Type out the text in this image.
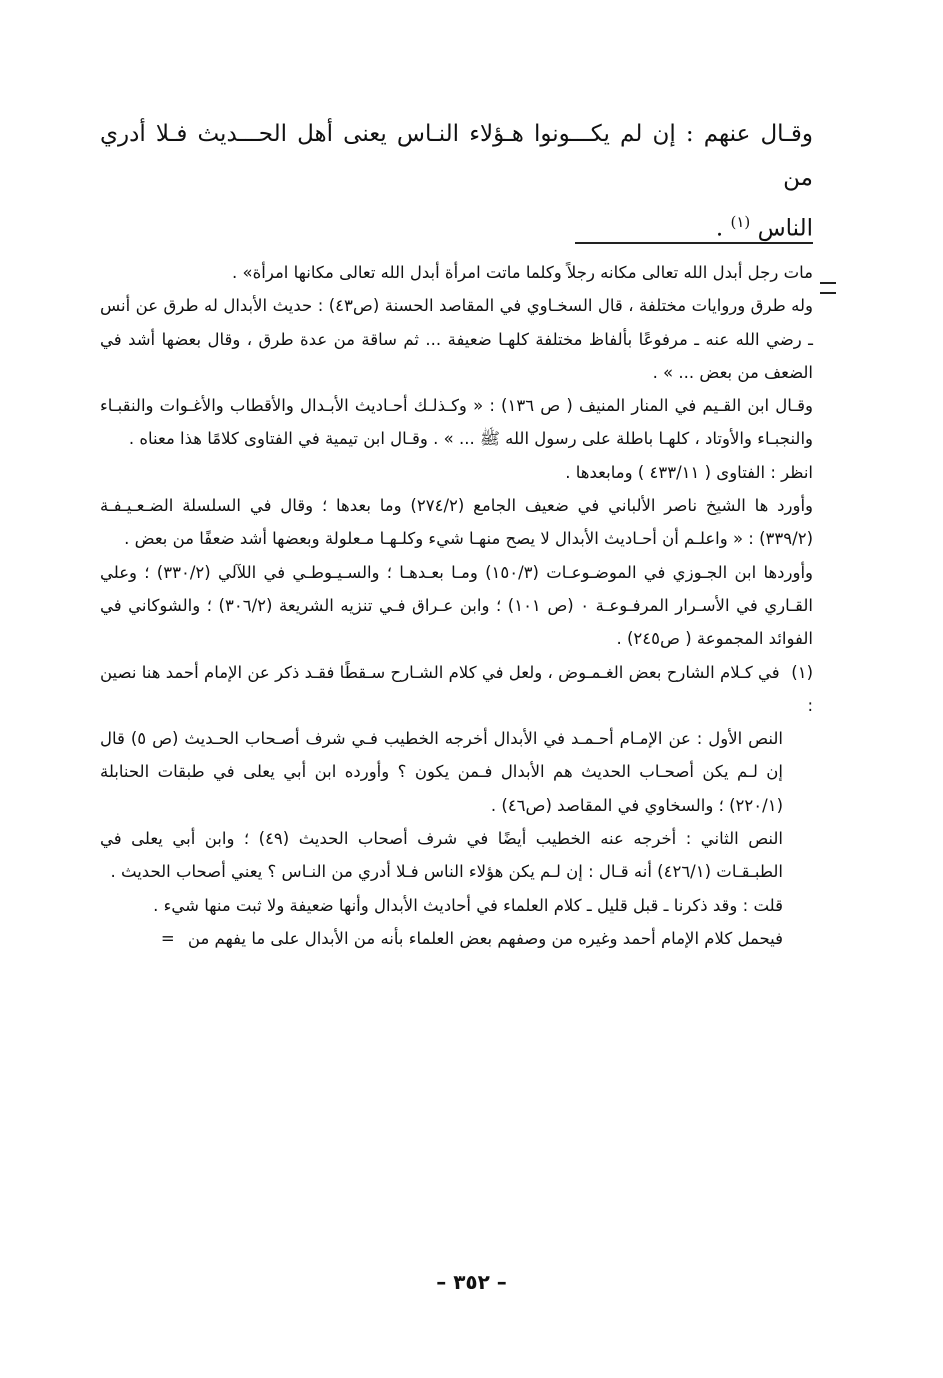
وقـال عنهم : إن لم يكـــونوا هـؤلاء النـاس يعنى أهل الحـــديث فـلا أدري من

الناس $^{(١)}$ .

مات رجل أبدل الله تعالى مكانه رجلاً وكلما ماتت امرأة أبدل الله تعالى مكانها امرأة» .

وله طرق وروايات مختلفة ، قال السخـاوي في المقاصد الحسنة (ص٤٣) : حديث الأبدال له طرق عن أنس ـ رضي الله عنه ـ مرفوعًا بألفاظ مختلفة كلهـا ضعيفة ... ثم ساقة من عدة طرق ، وقال بعضها أشد في الضعف من بعض ... » .

وقـال ابن القـيم في المنار المنيف ( ص ١٣٦) : « وكـذلـك أحـاديث الأبـدال والأقطاب والأغـوات والنقبـاء والنجبـاء والأوتاد ، كلهـا باطلة على رسول الله ﷺ ... » . وقـال ابن تيمية في الفتاوى كلامًا هذا معناه .

انظر : الفتاوى ( ٤٣٣/١١ ) ومابعدها .

وأورد ها الشيخ ناصر الألباني في ضعيف الجامع (٢٧٤/٢) وما بعدها ؛ وقال في السلسلة الضـعـيـفـة (٣٣٩/٢) : « واعلـم أن أحـاديث الأبدال لا يصح منهـا شيء وكلـهـا مـعلولة وبعضها أشد ضعفًا من بعض .

وأوردها ابن الجـوزي في الموضـوعـات (١٥٠/٣) ومـا بعـدهـا ؛ والسـيـوطـي في اللآلي (٣٣٠/٢) ؛ وعلي القـاري في الأسـرار المرفـوعـة ٠ (ص ١٠١) ؛ وابن عـراق فـي تنزيه الشريعة (٣٠٦/٢) ؛ والشوكاني في الفوائد المجموعة ( ص٢٤٥) .

(١) في كـلام الشارح بعض الغـمـوض ، ولعل في كلام الشـارح سـقطًا فقـد ذكر عن الإمام أحمد هنا نصين :

النص الأول : عن الإمـام أحـمـد في الأبدال أخرجه الخطيب فـي شرف أصـحاب الحـديث (ص ٥) قال إن لـم يكن أصحـاب الحديث هم الأبدال فـمن يكون ؟ وأورده ابن أبي يعلى في طبقات الحنابلة (٢٢٠/١) ؛ والسخاوي في المقاصد (ص٤٦) .

النص الثاني : أخرجه عنه الخطيب أيضًا في شرف أصحاب الحديث (٤٩) ؛ وابن أبي يعلى في الطبـقـات (٤٢٦/١) أنه قـال : إن لـم يكن هؤلاء الناس فـلا أدري من النـاس ؟ يعني أصحاب الحديث .

قلت : وقد ذكرنا ـ قبل قليل ـ كلام العلماء في أحاديث الأبدال وأنها ضعيفة ولا ثبت منها شيء .

فيحمل كلام الإمام أحمد وغيره من وصفهم بعض العلماء بأنه من الأبدال على ما يفهم من =

– ٣٥٢ –
